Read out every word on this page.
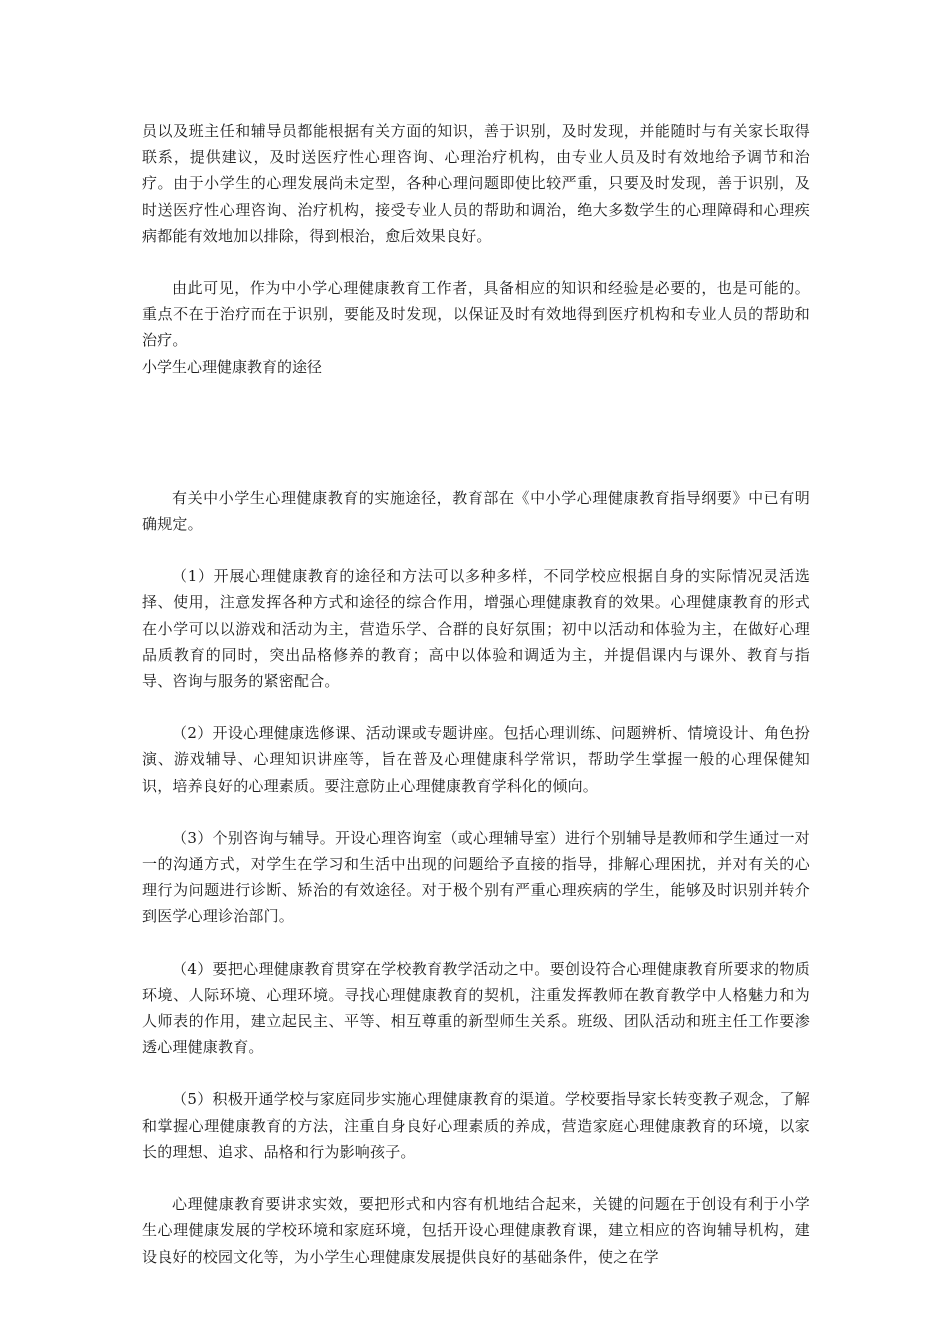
员以及班主任和辅导员都能根据有关方面的知识，善于识别，及时发现，并能随时与有关家长取得联系，提供建议，及时送医疗性心理咨询、心理治疗机构，由专业人员及时有效地给予调节和治疗。由于小学生的心理发展尚未定型，各种心理问题即使比较严重，只要及时发现，善于识别，及时送医疗性心理咨询、治疗机构，接受专业人员的帮助和调治，绝大多数学生的心理障碍和心理疾病都能有效地加以排除，得到根治，愈后效果良好。

由此可见，作为中小学心理健康教育工作者，具备相应的知识和经验是必要的，也是可能的。重点不在于治疗而在于识别，要能及时发现，以保证及时有效地得到医疗机构和专业人员的帮助和治疗。

小学生心理健康教育的途径

有关中小学生心理健康教育的实施途径，教育部在《中小学心理健康教育指导纲要》中已有明确规定。

（1）开展心理健康教育的途径和方法可以多种多样，不同学校应根据自身的实际情况灵活选择、使用，注意发挥各种方式和途径的综合作用，增强心理健康教育的效果。心理健康教育的形式在小学可以以游戏和活动为主，营造乐学、合群的良好氛围；初中以活动和体验为主，在做好心理品质教育的同时，突出品格修养的教育；高中以体验和调适为主，并提倡课内与课外、教育与指导、咨询与服务的紧密配合。

（2）开设心理健康选修课、活动课或专题讲座。包括心理训练、问题辨析、情境设计、角色扮演、游戏辅导、心理知识讲座等，旨在普及心理健康科学常识，帮助学生掌握一般的心理保健知识，培养良好的心理素质。要注意防止心理健康教育学科化的倾向。

（3）个别咨询与辅导。开设心理咨询室（或心理辅导室）进行个别辅导是教师和学生通过一对一的沟通方式，对学生在学习和生活中出现的问题给予直接的指导，排解心理困扰，并对有关的心理行为问题进行诊断、矫治的有效途径。对于极个别有严重心理疾病的学生，能够及时识别并转介到医学心理诊治部门。

（4）要把心理健康教育贯穿在学校教育教学活动之中。要创设符合心理健康教育所要求的物质环境、人际环境、心理环境。寻找心理健康教育的契机，注重发挥教师在教育教学中人格魅力和为人师表的作用，建立起民主、平等、相互尊重的新型师生关系。班级、团队活动和班主任工作要渗透心理健康教育。

（5）积极开通学校与家庭同步实施心理健康教育的渠道。学校要指导家长转变教子观念，了解和掌握心理健康教育的方法，注重自身良好心理素质的养成，营造家庭心理健康教育的环境，以家长的理想、追求、品格和行为影响孩子。

心理健康教育要讲求实效，要把形式和内容有机地结合起来，关键的问题在于创设有利于小学生心理健康发展的学校环境和家庭环境，包括开设心理健康教育课，建立相应的咨询辅导机构，建设良好的校园文化等，为小学生心理健康发展提供良好的基础条件，使之在学
